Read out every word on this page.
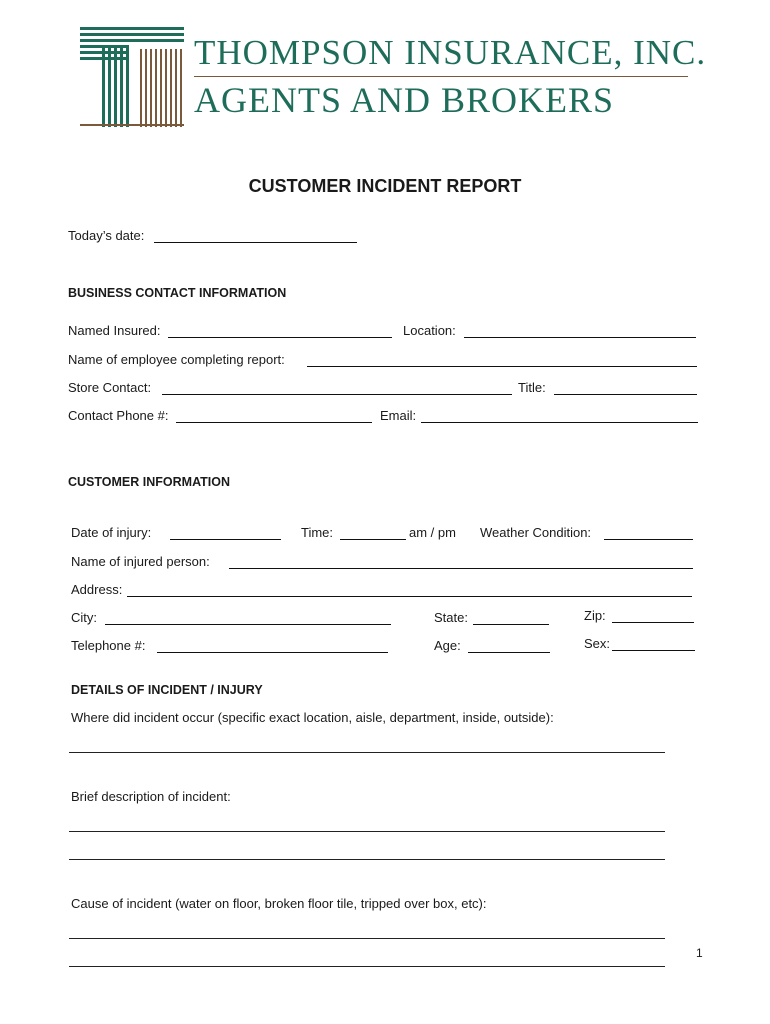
THOMPSON INSURANCE, INC.
AGENTS AND BROKERS
CUSTOMER INCIDENT REPORT
Today’s date:
BUSINESS CONTACT INFORMATION
Named Insured:	Location:
Name of employee completing report:
Store Contact:	Title:
Contact Phone #:	Email:
CUSTOMER INFORMATION
Date of injury:	Time:	am / pm Weather Condition:
Name of injured person:
Address:
City:	State:	Zip:
Telephone #:	Age:	Sex:
DETAILS OF INCIDENT / INJURY
Where did incident occur (specific exact location, aisle, department, inside, outside):
Brief description of incident:
Cause of incident (water on floor, broken floor tile, tripped over box, etc):
1
